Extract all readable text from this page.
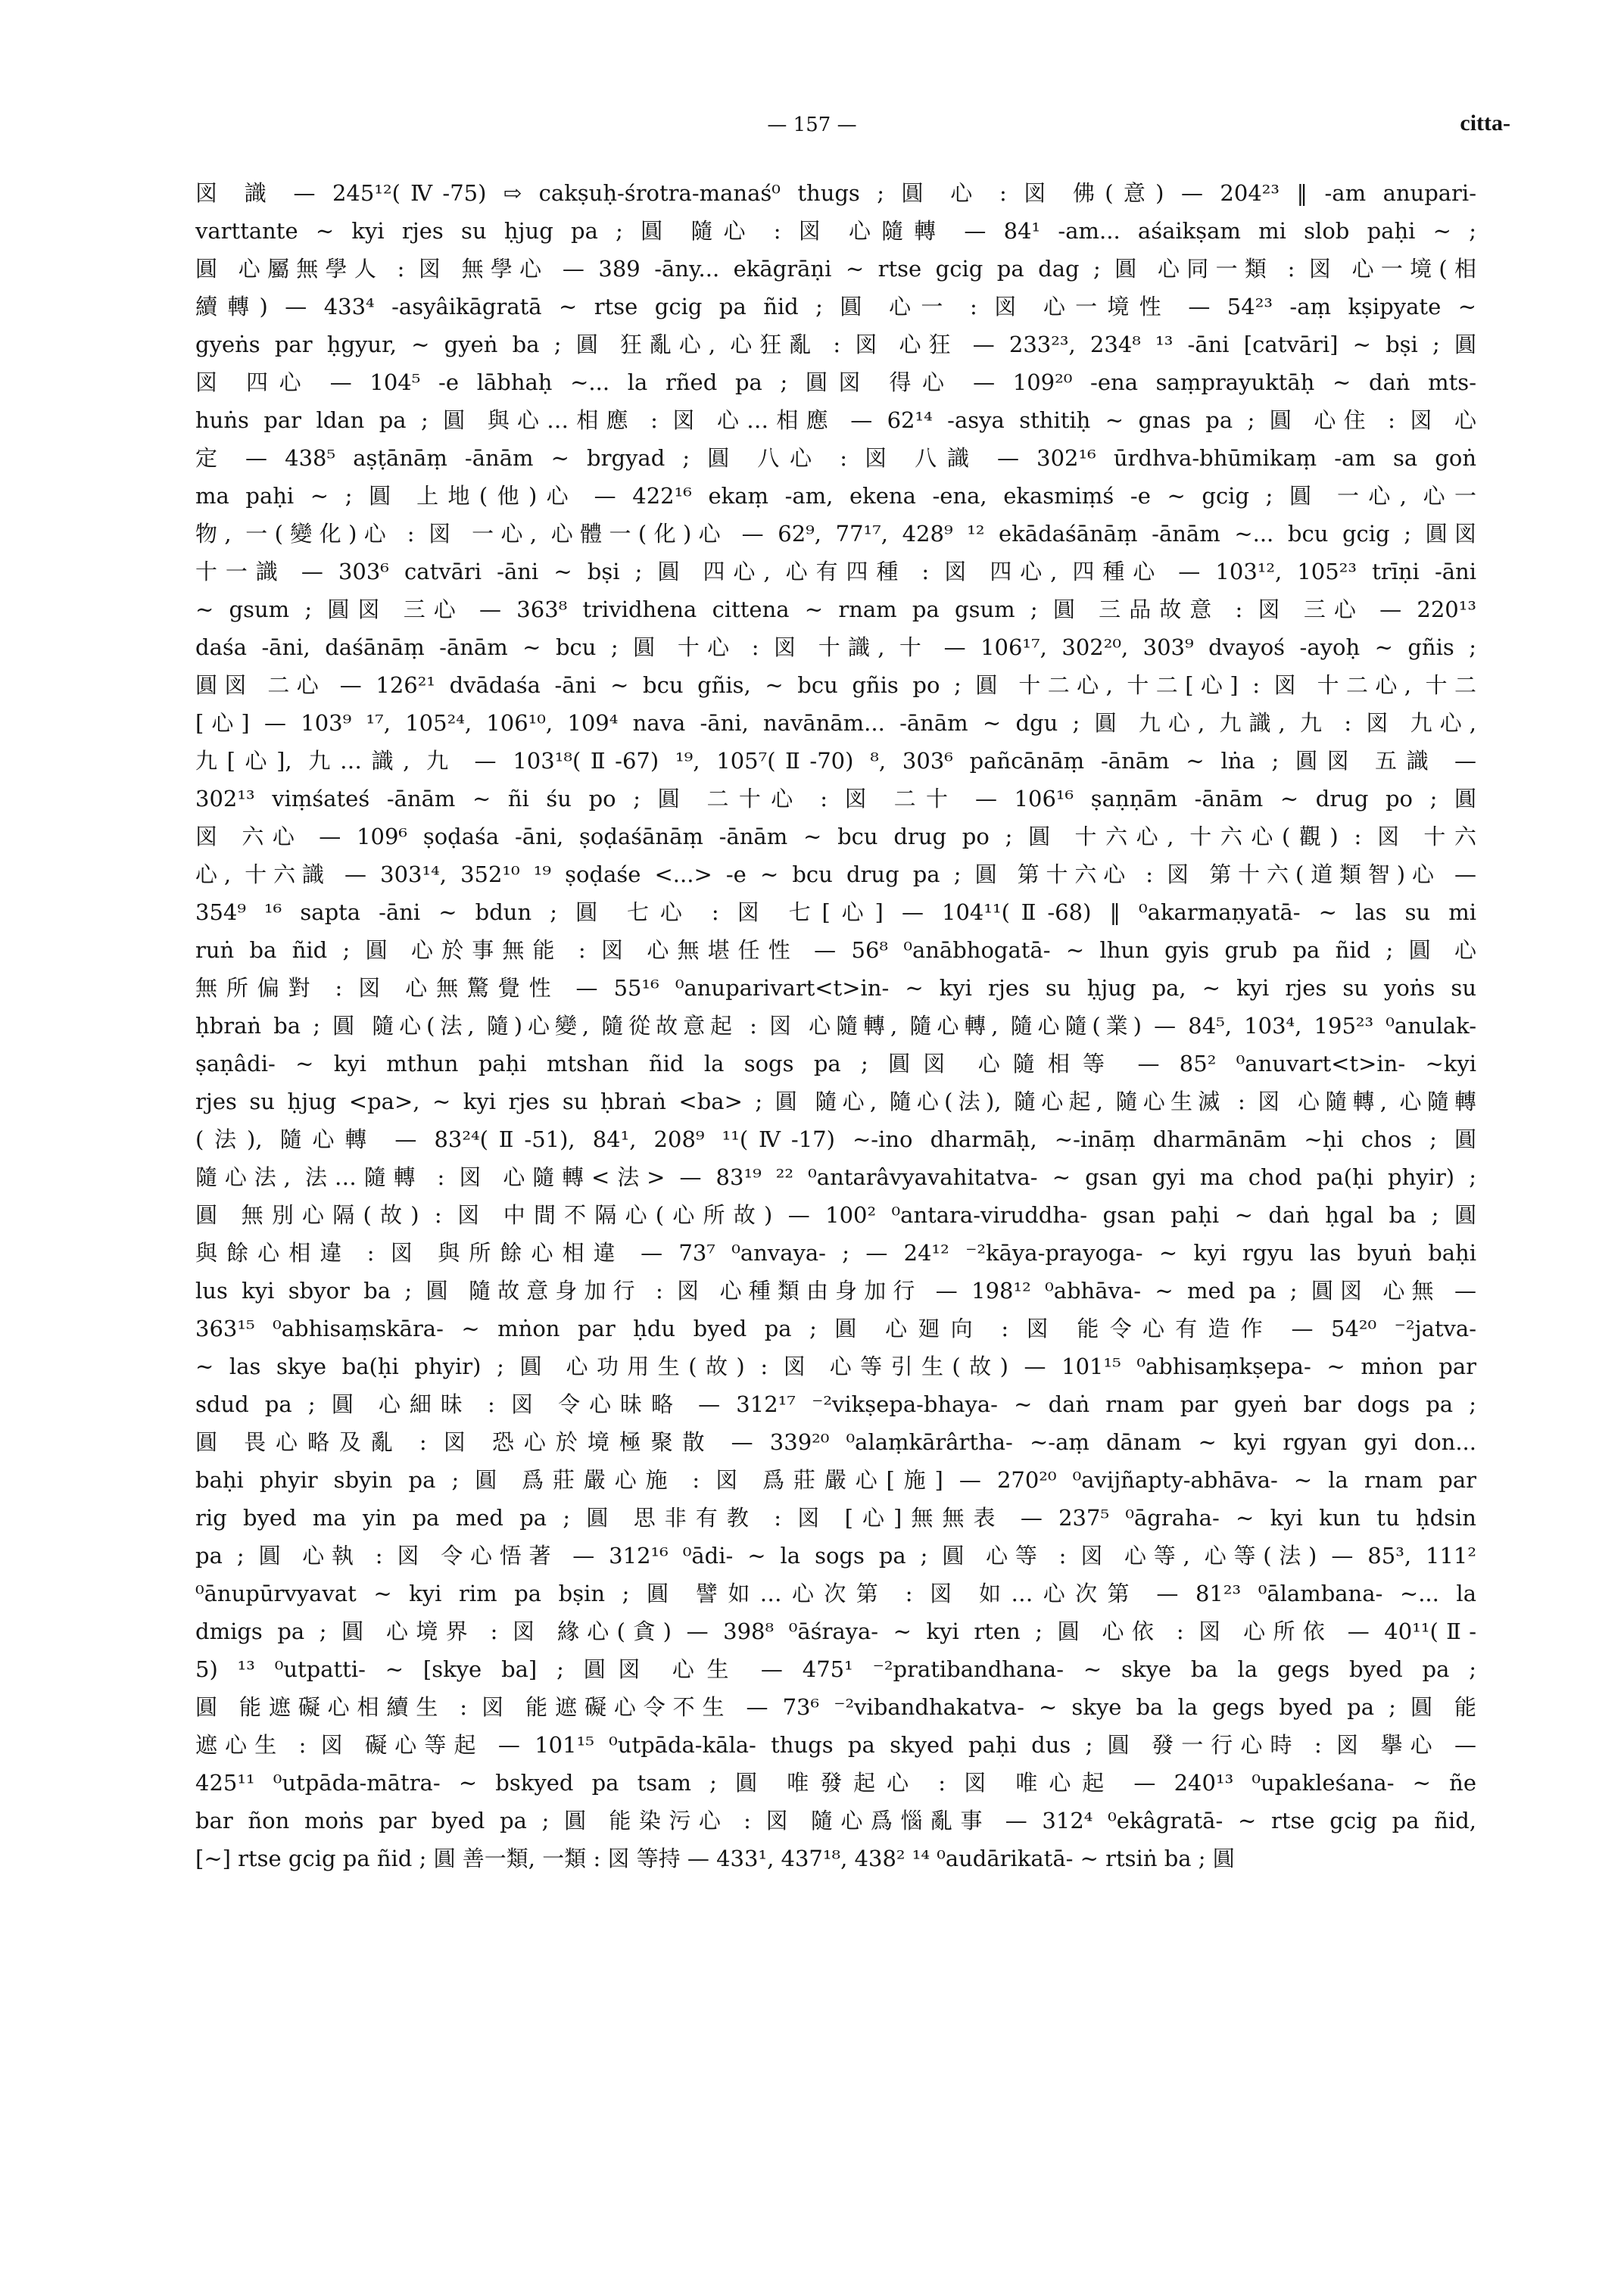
— 157 —	citta-
図 識 — 245¹²(Ⅳ-75) ⇨ cakṣuḥ-śrotra-manaś⁰ thugs ; 圓 心 : 図 佛(意) — 204²³ ‖ -am anupari-
varttante ∼ kyi rjes su ḥjug pa ; 圓 隨心 : 図 心隨轉 — 84¹ -am... aśaikṣam mi slob paḥi ∼ ;
圓 心屬無學人 : 図 無學心 — 389 -āny... ekāgrāṇi ∼ rtse gcig pa dag ; 圓 心同一類 : 図 心一境(相
續轉) — 433⁴ -asyâikāgratā ∼ rtse gcig pa ñid ; 圓 心一 : 図 心一境性 — 54²³ -aṃ kṣipyate ∼
gyeṅs par ḥgyur, ∼ gyeṅ ba ; 圓 狂亂心, 心狂亂 : 図 心狂 — 233²³, 234⁸ ¹³ -āni [catvāri] ∼ bṣi ; 圓
図 四心 — 104⁵ -e lābhaḥ ∼... la rñed pa ; 圓図 得心 — 109²⁰ -ena saṃprayuktāḥ ∼ daṅ mts-
huṅs par ldan pa ; 圓 與心…相應 : 図 心…相應 — 62¹⁴ -asya sthitiḥ ∼ gnas pa ; 圓 心住 : 図 心
定 — 438⁵ aṣṭānāṃ -ānām ∼ brgyad ; 圓 八心 : 図 八識 — 302¹⁶ ūrdhva-bhūmikaṃ -am sa goṅ
ma paḥi ∼ ; 圓 上地(他)心 — 422¹⁶ ekaṃ -am, ekena -ena, ekasmiṃś -e ∼ gcig ; 圓 一心, 心一
物, 一(變化)心 : 図 一心, 心體一(化)心 — 62⁹, 77¹⁷, 428⁹ ¹² ekādaśānāṃ -ānām ∼... bcu gcig ; 圓図
十一識 — 303⁶ catvāri -āni ∼ bṣi ; 圓 四心, 心有四種 : 図 四心, 四種心 — 103¹², 105²³ trīṇi -āni
∼ gsum ; 圓図 三心 — 363⁸ trividhena cittena ∼ rnam pa gsum ; 圓 三品故意 : 図 三心 — 220¹³
daśa -āni, daśānāṃ -ānām ∼ bcu ; 圓 十心 : 図 十識, 十 — 106¹⁷, 302²⁰, 303⁹ dvayoś -ayoḥ ∼ gñis ;
圓図 二心 — 126²¹ dvādaśa -āni ∼ bcu gñis, ∼ bcu gñis po ; 圓 十二心, 十二[心] : 図 十二心, 十二
[心] — 103⁹ ¹⁷, 105²⁴, 106¹⁰, 109⁴ nava -āni, navānām... -ānām ∼ dgu ; 圓 九心, 九識, 九 : 図 九心,
九[心], 九…識, 九 — 103¹⁸(Ⅱ-67) ¹⁹, 105⁷(Ⅱ-70) ⁸, 303⁶ pañcānāṃ -ānām ∼ lṅa ; 圓図 五識 —
302¹³ viṃśateś -ānām ∼ ñi śu po ; 圓 二十心 : 図 二十 — 106¹⁶ ṣaṇṇām -ānām ∼ drug po ; 圓
図 六心 — 109⁶ ṣoḍaśa -āni, ṣoḍaśānāṃ -ānām ∼ bcu drug po ; 圓 十六心, 十六心(觀) : 図 十六
心, 十六識 — 303¹⁴, 352¹⁰ ¹⁹ ṣoḍaśe <...> -e ∼ bcu drug pa ; 圓 第十六心 : 図 第十六(道類智)心 —
354⁹ ¹⁶ sapta -āni ∼ bdun ; 圓 七心 : 図 七[心] — 104¹¹(Ⅱ-68) ‖ ⁰akarmaṇyatā- ∼ las su mi
ruṅ ba ñid ; 圓 心於事無能 : 図 心無堪任性 — 56⁸ ⁰anābhogatā- ∼ lhun gyis grub pa ñid ; 圓 心
無所偏對 : 図 心無驚覺性 — 55¹⁶ ⁰anuparivart<t>in- ∼ kyi rjes su ḥjug pa, ∼ kyi rjes su yoṅs su
ḥbraṅ ba ; 圓 隨心(法, 隨)心變, 隨從故意起 : 図 心隨轉, 隨心轉, 隨心隨(業) — 84⁵, 103⁴, 195²³ ⁰anulak-
ṣaṇâdi- ∼ kyi mthun paḥi mtshan ñid la sogs pa ; 圓図 心隨相等 — 85² ⁰anuvart<t>in- ∼kyi
rjes su ḥjug <pa>, ∼ kyi rjes su ḥbraṅ <ba> ; 圓 隨心, 隨心(法), 隨心起, 隨心生滅 : 図 心隨轉, 心隨轉
(法), 隨心轉 — 83²⁴(Ⅱ-51), 84¹, 208⁹ ¹¹(Ⅳ-17) ∼-ino dharmāḥ, ∼-ināṃ dharmānām ∼ḥi chos ; 圓
隨心法, 法…隨轉 : 図 心隨轉<法> — 83¹⁹ ²² ⁰antarâvyavahitatva- ∼ gsan gyi ma chod pa(ḥi phyir) ;
圓 無別心隔(故) : 図 中間不隔心(心所故) — 100² ⁰antara-viruddha- gsan paḥi ∼ daṅ ḥgal ba ; 圓
與餘心相違 : 図 與所餘心相違 — 73⁷ ⁰anvaya- ; — 24¹² ⁻²kāya-prayoga- ∼ kyi rgyu las byuṅ baḥi
lus kyi sbyor ba ; 圓 隨故意身加行 : 図 心種類由身加行 — 198¹² ⁰abhāva- ∼ med pa ; 圓図 心無 —
363¹⁵ ⁰abhisaṃskāra- ∼ mṅon par ḥdu byed pa ; 圓 心廻向 : 図 能令心有造作 — 54²⁰ ⁻²jatva-
∼ las skye ba(ḥi phyir) ; 圓 心功用生(故) : 図 心等引生(故) — 101¹⁵ ⁰abhisaṃkṣepa- ∼ mṅon par
sdud pa ; 圓 心細昧 : 図 令心昧略 — 312¹⁷ ⁻²vikṣepa-bhaya- ∼ daṅ rnam par gyeṅ bar dogs pa ;
圓 畏心略及亂 : 図 恐心於境極聚散 — 339²⁰ ⁰alaṃkārârtha- ∼-aṃ dānam ∼ kyi rgyan gyi don...
baḥi phyir sbyin pa ; 圓 爲莊嚴心施 : 図 爲莊嚴心[施] — 270²⁰ ⁰avijñapty-abhāva- ∼ la rnam par
rig byed ma yin pa med pa ; 圓 思非有教 : 図 [心]無無表 — 237⁵ ⁰āgraha- ∼ kyi kun tu ḥdsin
pa ; 圓 心執 : 図 令心悟著 — 312¹⁶ ⁰ādi- ∼ la sogs pa ; 圓 心等 : 図 心等, 心等(法) — 85³, 111²
⁰ānupūrvyavat ∼ kyi rim pa bṣin ; 圓 譬如…心次第 : 図 如…心次第 — 81²³ ⁰ālambana- ∼... la
dmigs pa ; 圓 心境界 : 図 緣心(貪) — 398⁸ ⁰āśraya- ∼ kyi rten ; 圓 心依 : 図 心所依 — 40¹¹(Ⅱ-
5) ¹³ ⁰utpatti- ∼ [skye ba] ; 圓図 心生 — 475¹ ⁻²pratibandhana- ∼ skye ba la gegs byed pa ;
圓 能遮礙心相續生 : 図 能遮礙心令不生 — 73⁶ ⁻²vibandhakatva- ∼ skye ba la gegs byed pa ; 圓 能
遮心生 : 図 礙心等起 — 101¹⁵ ⁰utpāda-kāla- thugs pa skyed paḥi dus ; 圓 發一行心時 : 図 擧心 —
425¹¹ ⁰utpāda-mātra- ∼ bskyed pa tsam ; 圓 唯發起心 : 図 唯心起 — 240¹³ ⁰upakleśana- ∼ ñe
bar ñon moṅs par byed pa ; 圓 能染污心 : 図 隨心爲惱亂事 — 312⁴ ⁰ekâgratā- ∼ rtse gcig pa ñid,
[∼] rtse gcig pa ñid ; 圓 善一類, 一類 : 図 等持 — 433¹, 437¹⁸, 438² ¹⁴ ⁰audārikatā- ∼ rtsiṅ ba ; 圓
